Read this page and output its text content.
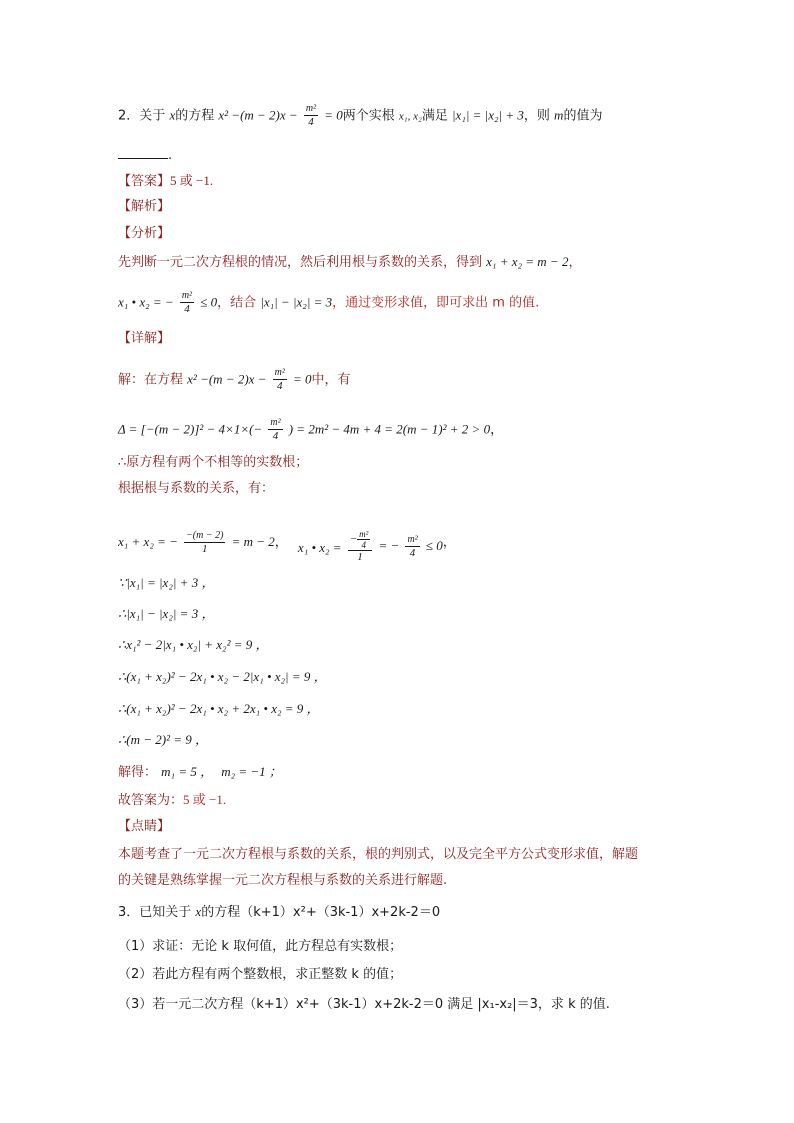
2．关于 x的方程 $x^2 -(m - 2)x - \frac{\text{m²}}{4} = 0$两个实根 x₁, x₂满足 |x₁| = |x₂| + 3，则 m的值为
.
【答案】5 或 −1.
【解析】
【分析】
先判断一元二次方程根的情况，然后利用根与系数的关系，得到 x₁ + x₂ = m − 2，
x₁ • x₂ = − $\frac{\text{m²}}{4} \le 0$，结合 |x₁| − |x₂| = 3，通过变形求值，即可求出 m 的值.
【详解】
解：在方程 $x^2 -(m - 2)x - \frac{\text{m²}}{4} = 0$中，有
$\Delta = [-(m - 2)]^2 - 4\times 1\times(- \frac{\text{m²}}{4}$ ) = 2m² − 4m + 4 = 2(m − 1)² + 2 > 0，
∴原方程有两个不相等的实数根；
根据根与系数的关系，有：
x₁ + x₂ = − $\frac{-(m - 2)}{1} = m - 2$， x₁ • $x_2 = \frac{- \frac{\text{m²}}{4}}{1}$ = − $\frac{\text{m²}}{4} \le 0$，
∵|x₁| = |x₂| + 3 ，
∴|x₁| − |x₂| = 3 ，
∴x₁² − 2|x₁ • x₂| + x₂² = 9 ，
∴(x₁ + x₂)² − 2x₁ • x₂ − 2|x₁ • x₂| = 9 ，
∴(x₁ + x₂)² − 2x₁ • x₂ + 2x₁ • x₂ = 9 ，
∴(m − 2)² = 9 ，
解得： m₁ = 5 ， m₂ = −1 ；
故答案为：5 或 −1.
【点睛】
本题考查了一元二次方程根与系数的关系，根的判别式，以及完全平方公式变形求值，解题
的关键是熟练掌握一元二次方程根与系数的关系进行解题.
3．已知关于 x的方程（k+1）x²+（3k-1）x+2k-2＝0
（1）求证：无论 k 取何值，此方程总有实数根；
（2）若此方程有两个整数根，求正整数 k 的值；
（3）若一元二次方程（k+1）x²+（3k-1）x+2k-2＝0 满足 |x₁-x₂|＝3，求 k 的值.
